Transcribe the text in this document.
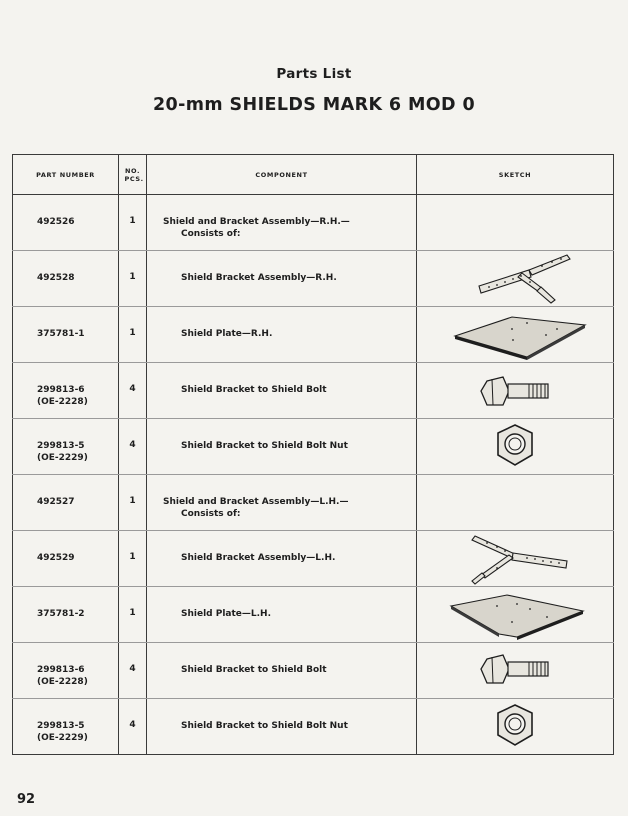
Parts List
20-mm SHIELDS MARK 6 MOD 0
PART NUMBER	NO. PCS.	COMPONENT	SKETCH

492526	1	Shield and Bracket Assembly—R.H.—
Consists of:	

492528	1	Shield Bracket Assembly—R.H.

375781-1	1	Shield Plate—R.H.

299813-6
(OE-2228)	4	Shield Bracket to Shield Bolt

299813-5
(OE-2229)	4	Shield Bracket to Shield Bolt Nut

492527	1	Shield and Bracket Assembly—L.H.—
Consists of:	

492529	1	Shield Bracket Assembly—L.H.

375781-2	1	Shield Plate—L.H.

299813-6
(OE-2228)	4	Shield Bracket to Shield Bolt

299813-5
(OE-2229)	4	Shield Bracket to Shield Bolt Nut

92
